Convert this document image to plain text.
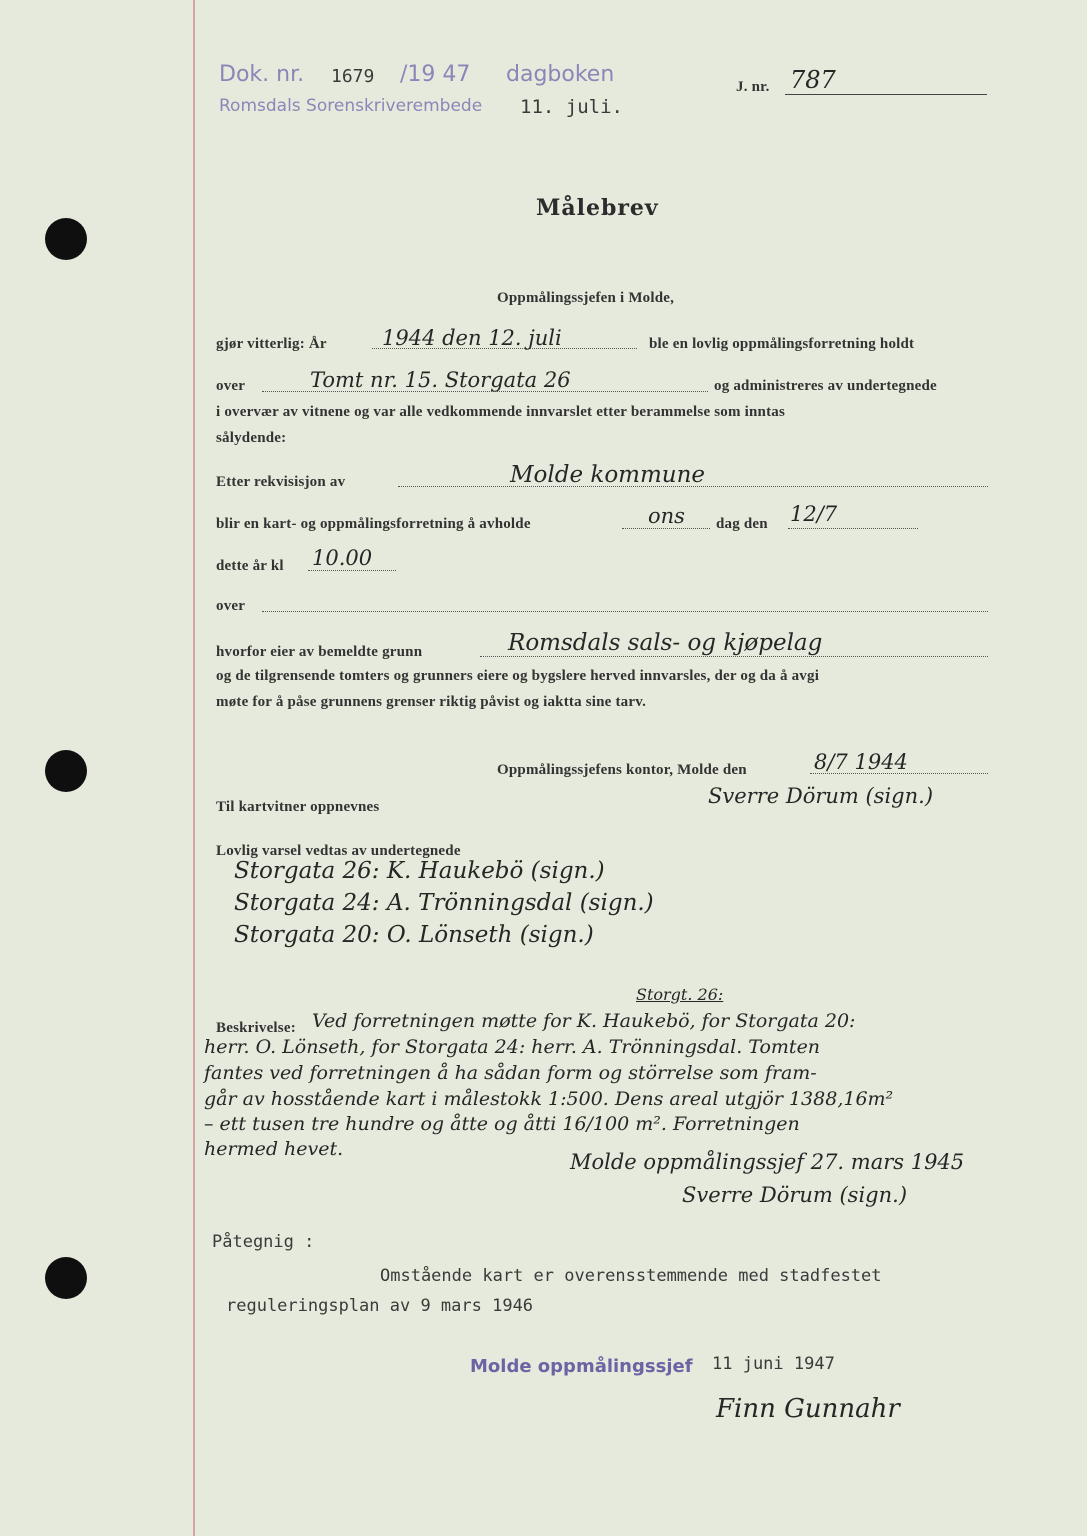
Dok. nr. 1679 /19 47 dagboken
Romsdals Sorenskriverembede 11. juli.
J. nr. 787
Målebrev
Oppmålingssjefen i Molde,
gjør vitterlig: År	1944 den 12. juli	ble en lovlig oppmålingsforretning holdt
over	Tomt nr. 15. Storgata 26	og administreres av undertegnede
i overvær av vitnene og var alle vedkommende innvarslet etter berammelse som inntas
sålydende:
Etter rekvisisjon av	Molde kommune
blir en kart- og oppmålingsforretning å avholde	ons dag den 12/7
dette år kl 10.00
over
hvorfor eier av bemeldte grunn	Romsdals sals- og kjøpelag
og de tilgrensende tomters og grunners eiere og bygslere herved innvarsles, der og da å avgi
møte for å påse grunnens grenser riktig påvist og iaktta sine tarv.
Oppmålingssjefens kontor, Molde den	8/7 1944
Sverre Dörum (sign.)
Til kartvitner oppnevnes
Lovlig varsel vedtas av undertegnede
Storgata 26: K. Haukebö (sign.)
Storgata 24: A. Trönningsdal (sign.)
Storgata 20: O. Lönseth (sign.)
Storgt. 26:
Beskrivelse: Ved forretningen møtte for K. Haukebö, for Storgata 20:
herr. O. Lönseth, for Storgata 24: herr. A. Trönningsdal. Tomten
fantes ved forretningen å ha sådan form og störrelse som fram-
går av hosstående kart i målestokk 1:500. Dens areal utgjör 1388,16m²
– ett tusen tre hundre og åtte og åtti 16/100 m². Forretningen
hermed hevet.
Molde oppmålingssjef 27. mars 1945
Sverre Dörum (sign.)
Påtegnig :
Omstående kart er overensstemmende med stadfestet
reguleringsplan av 9 mars 1946
Molde oppmålingssjef 11 juni 1947
Finn Gunnahr
